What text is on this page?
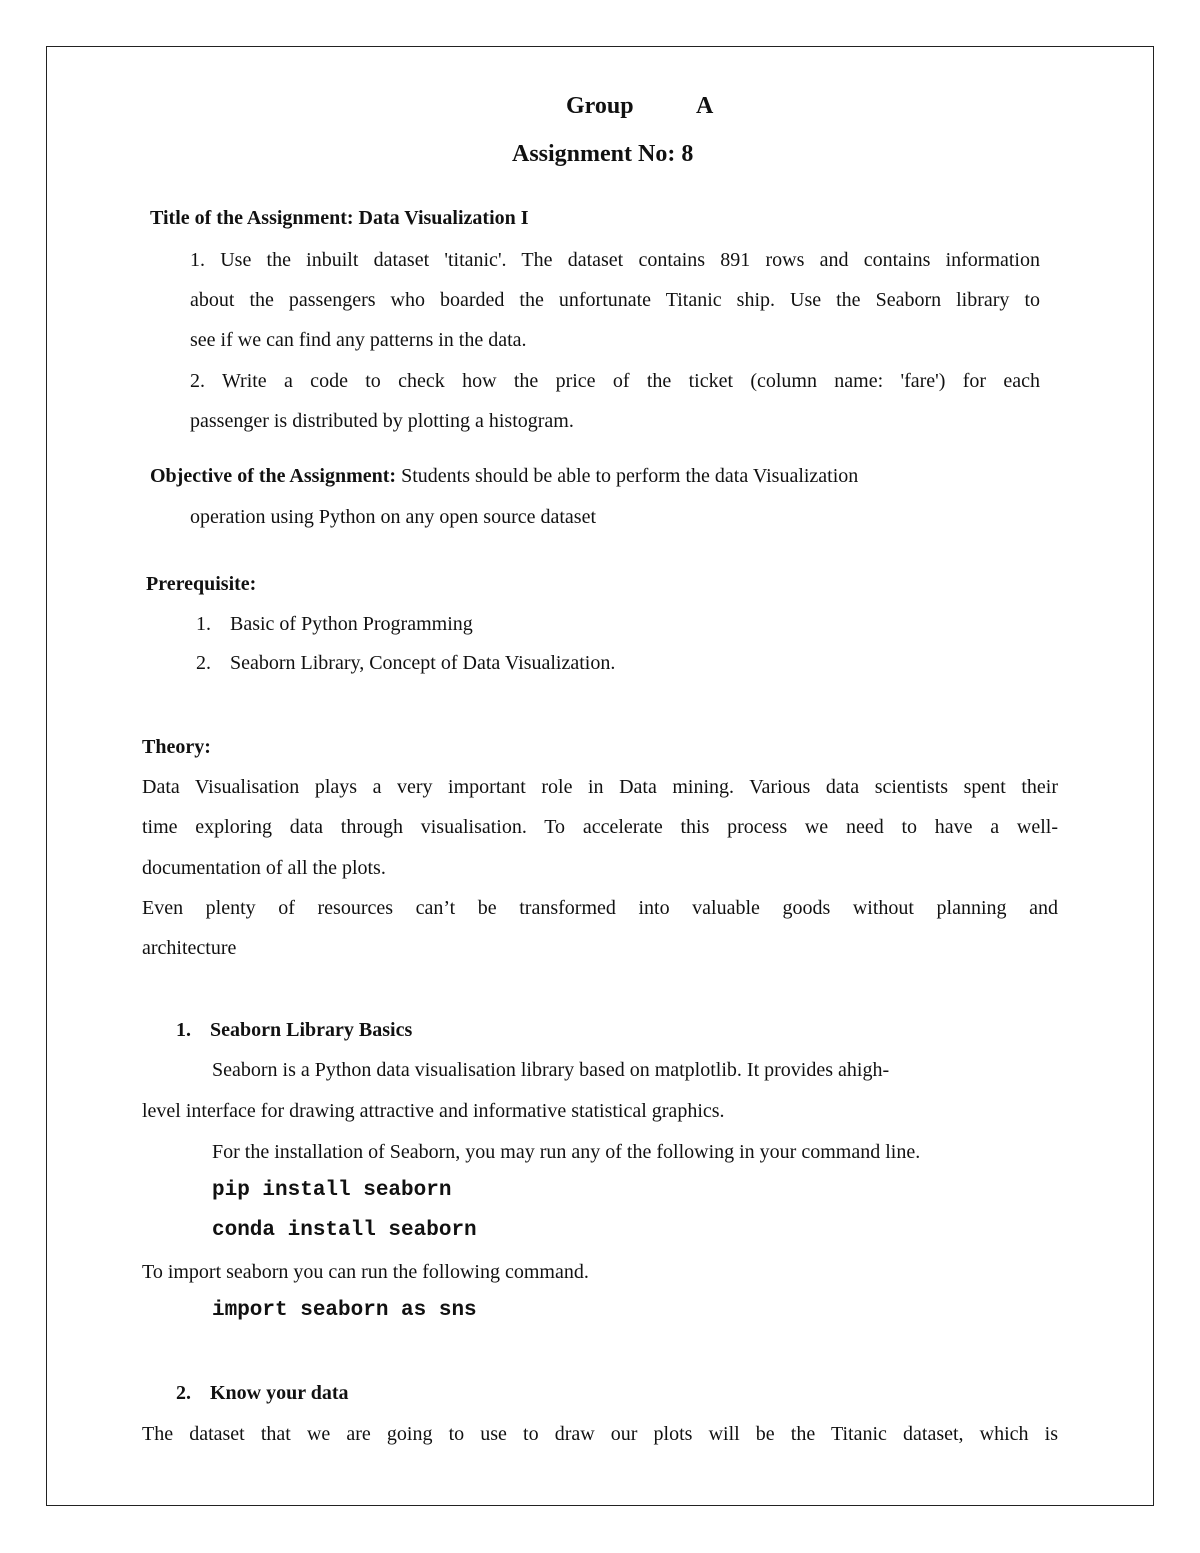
Group	A
Assignment No: 8
Title of the Assignment: Data Visualization I
1. Use the inbuilt dataset 'titanic'. The dataset contains 891 rows and contains information
about the passengers who boarded the unfortunate Titanic ship. Use the Seaborn library to
see if we can find any patterns in the data.
2. Write a code to check how the price of the ticket (column name: 'fare') for each
passenger is distributed by plotting a histogram.
Objective of the Assignment: Students should be able to perform the data Visualization
operation using Python on any open source dataset
Prerequisite:
1. Basic of Python Programming
2. Seaborn Library, Concept of Data Visualization.
Theory:
Data Visualisation plays a very important role in Data mining. Various data scientists spent their
time exploring data through visualisation. To accelerate this process we need to have a well-
documentation of all the plots.
Even plenty of resources can’t be transformed into valuable goods without planning and
architecture
1. Seaborn Library Basics
Seaborn is a Python data visualisation library based on matplotlib. It provides ahigh-
level interface for drawing attractive and informative statistical graphics.
For the installation of Seaborn, you may run any of the following in your command line.
pip install seaborn
conda install seaborn
To import seaborn you can run the following command.
import seaborn as sns
2. Know your data
The dataset that we are going to use to draw our plots will be the Titanic dataset, which is
